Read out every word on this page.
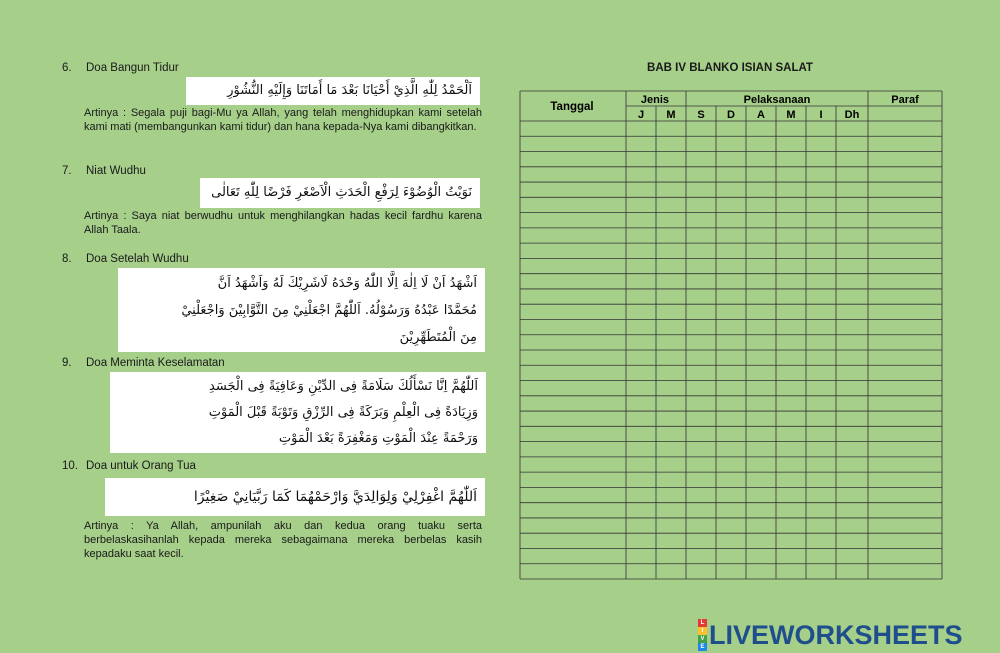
6. Doa Bangun Tidur
اَلْحَمْدُ لِلّٰهِ الَّذِيْ أَحْيَانَا بَعْدَ مَا أَمَاتَنَا وَإِلَيْهِ النُّشُوْرِ
Artinya : Segala puji bagi-Mu ya Allah, yang telah menghidupkan kami setelah kami mati (membangunkan kami tidur) dan hana kepada-Nya kami dibangkitkan.
7. Niat Wudhu
نَوَيْتُ الْوُضُوْءَ لِرَفْعِ الْحَدَثِ الْاَصْغَرِ فَرْضًا لِلّٰهِ تَعَالٰى
Artinya : Saya niat berwudhu untuk menghilangkan hadas kecil fardhu karena Allah Taala.
8. Doa Setelah Wudhu
اَشْهَدُ اَنْ لَا اِلٰهَ اِلَّا اللّٰهُ وَحْدَهُ لَاشَرِيْكَ لَهُ وَاَشْهَدُ اَنَّ
مُحَمَّدًا عَبْدُهُ وَرَسُوْلُهُ. اَللّٰهُمَّ اجْعَلْنِيْ مِنَ التَّوَّابِيْنَ وَاجْعَلْنِيْ
مِنَ الْمُتَطَهِّرِيْنَ
9. Doa Meminta Keselamatan
اَللّٰهُمَّ اِنَّا نَسْأَلُكَ سَلَامَةً فِى الدِّيْنِ وَعَافِيَةً فِى الْجَسَدِ
وَزِيَادَةً فِى الْعِلْمِ وَبَرَكَةً فِى الرِّزْقِ وَتَوْبَةً قَبْلَ الْمَوْتِ
وَرَحْمَةً عِنْدَ الْمَوْتِ وَمَغْفِرَةً بَعْدَ الْمَوْتِ
10. Doa untuk Orang Tua
اَللّٰهُمَّ اغْفِرْلِيْ وَلِوَالِدَيَّ وَارْحَمْهُمَا كَمَا رَبَّيَانِيْ صَغِيْرًا
Artinya : Ya Allah, ampunilah aku dan kedua orang tuaku serta berbelaskasihanlah kepada mereka sebagaimana mereka berbelas kasih kepadaku saat kecil.
BAB IV BLANKO ISIAN SALAT
Tanggal
Jenis	Pelaksanaan	Paraf
J M S D A M I Dh
L
I
V
E LIVEWORKSHEETS
